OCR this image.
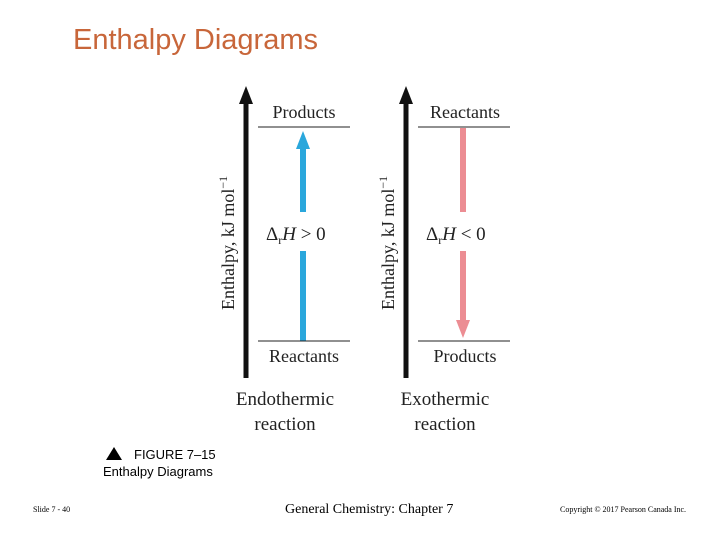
Enthalpy Diagrams
Enthalpy, kJ mol$^{-1}$
Products
$\Delta_rH > 0$
Reactants
Endothermic
reaction
Enthalpy, kJ mol$^{-1}$
Reactants
$\Delta_rH < 0$
Products
Exothermic
reaction
FIGURE 7–15
Enthalpy Diagrams
Slide 7 - 40	General Chemistry: Chapter 7	Copyright © 2017 Pearson Canada Inc.
